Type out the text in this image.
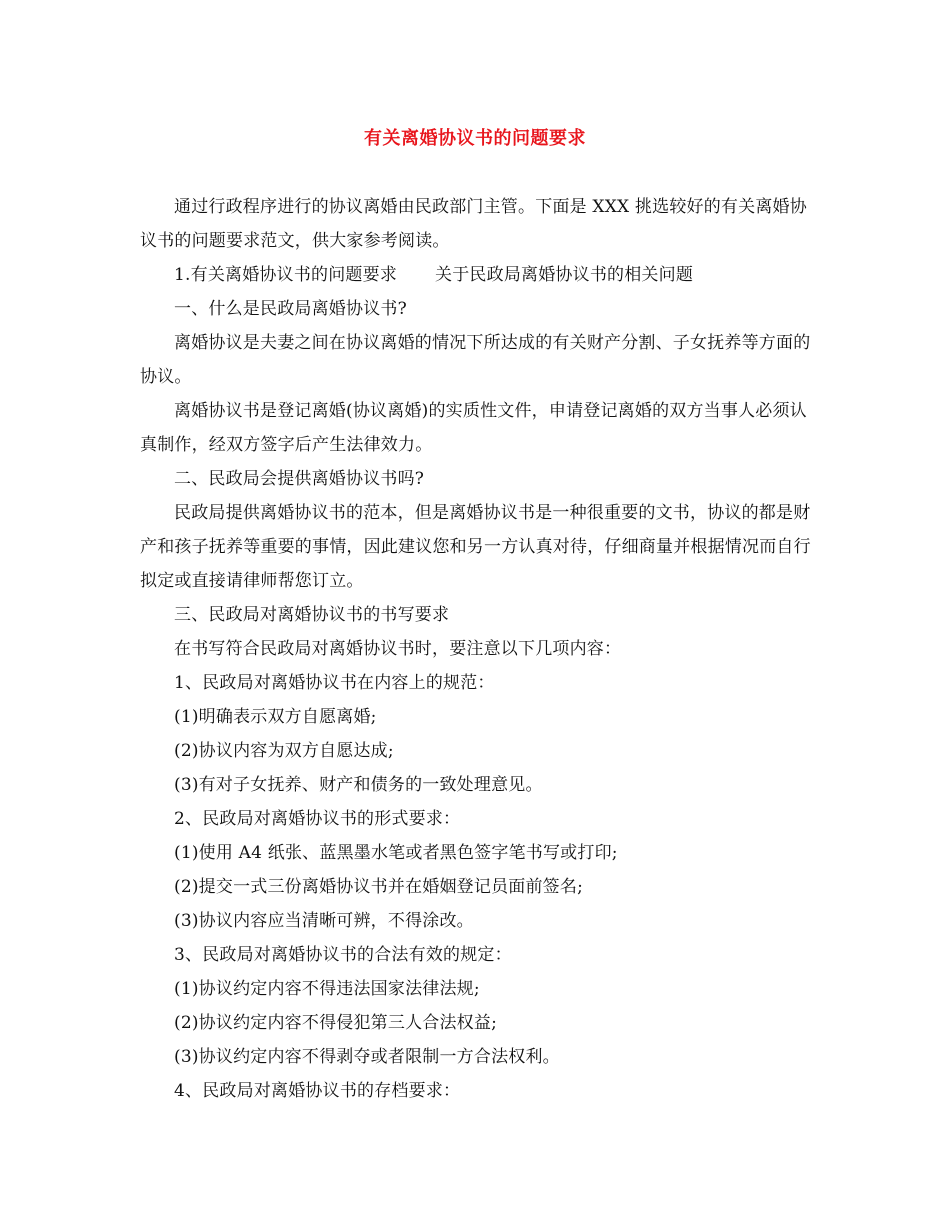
有关离婚协议书的问题要求

通过行政程序进行的协议离婚由民政部门主管。下面是 XXX 挑选较好的有关离婚协议书的问题要求范文，供大家参考阅读。

1.有关离婚协议书的问题要求 关于民政局离婚协议书的相关问题

一、什么是民政局离婚协议书?

离婚协议是夫妻之间在协议离婚的情况下所达成的有关财产分割、子女抚养等方面的协议。

离婚协议书是登记离婚(协议离婚)的实质性文件，申请登记离婚的双方当事人必须认真制作，经双方签字后产生法律效力。

二、民政局会提供离婚协议书吗?

民政局提供离婚协议书的范本，但是离婚协议书是一种很重要的文书，协议的都是财产和孩子抚养等重要的事情，因此建议您和另一方认真对待，仔细商量并根据情况而自行拟定或直接请律师帮您订立。

三、民政局对离婚协议书的书写要求

在书写符合民政局对离婚协议书时，要注意以下几项内容：

1、民政局对离婚协议书在内容上的规范：

(1)明确表示双方自愿离婚;

(2)协议内容为双方自愿达成;

(3)有对子女抚养、财产和债务的一致处理意见。

2、民政局对离婚协议书的形式要求：

(1)使用 A4 纸张、蓝黑墨水笔或者黑色签字笔书写或打印;

(2)提交一式三份离婚协议书并在婚姻登记员面前签名;

(3)协议内容应当清晰可辨，不得涂改。

3、民政局对离婚协议书的合法有效的规定：

(1)协议约定内容不得违法国家法律法规;

(2)协议约定内容不得侵犯第三人合法权益;

(3)协议约定内容不得剥夺或者限制一方合法权利。

4、民政局对离婚协议书的存档要求：
